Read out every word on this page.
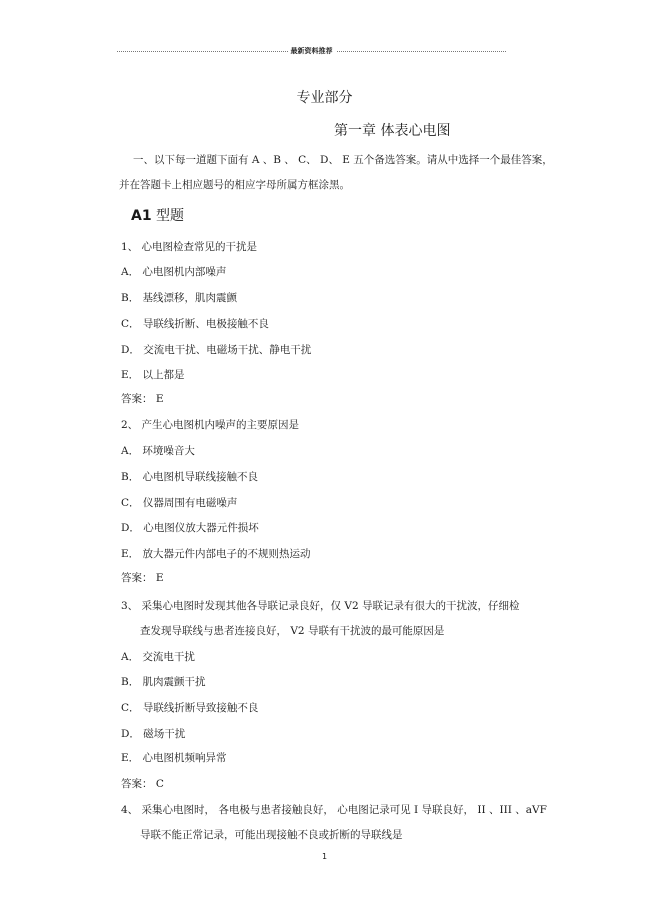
最新资料推荐
专业部分
第一章 体表心电图
一、以下每一道题下面有 A 、B 、 C、 D、 E 五个备选答案。请从中选择一个最佳答案，
并在答题卡上相应题号的相应字母所属方框涂黑。
A1 型题
1、 心电图检查常见的干扰是
A． 心电图机内部噪声
B． 基线漂移，肌肉震颤
C． 导联线折断、电极接触不良
D． 交流电干扰、电磁场干扰、静电干扰
E． 以上都是
答案： E
2、 产生心电图机内噪声的主要原因是
A． 环境噪音大
B． 心电图机导联线接触不良
C． 仪器周围有电磁噪声
D． 心电图仪放大器元件损坏
E． 放大器元件内部电子的不规则热运动
答案： E
3、 采集心电图时发现其他各导联记录良好，仅 V2 导联记录有很大的干扰波，仔细检
查发现导联线与患者连接良好， V2 导联有干扰波的最可能原因是
A． 交流电干扰
B． 肌肉震颤干扰
C． 导联线折断导致接触不良
D． 磁场干扰
E． 心电图机频响异常
答案： C
4、 采集心电图时， 各电极与患者接触良好， 心电图记录可见 I 导联良好， II 、III 、aVF
导联不能正常记录，可能出现接触不良或折断的导联线是
1
